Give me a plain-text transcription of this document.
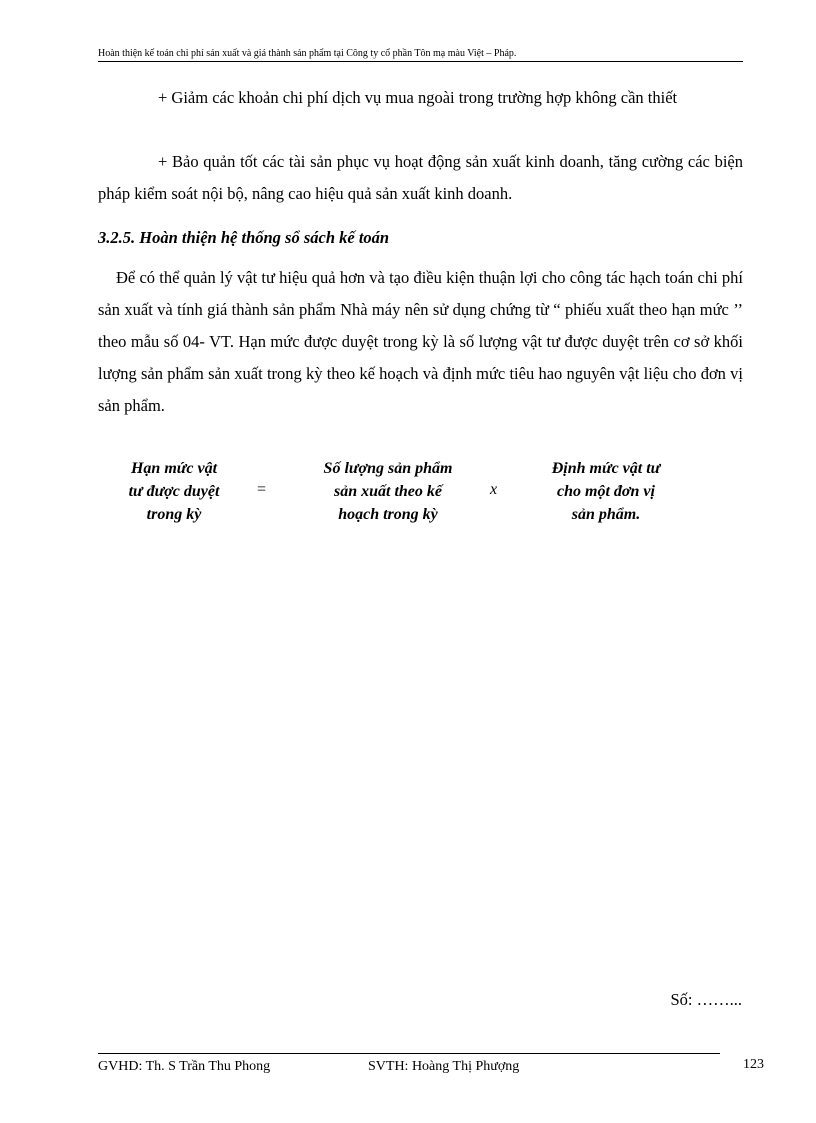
Hoàn thiện kế toán chi phí sản xuất và giá thành sản phẩm tại Công ty cổ phần Tôn mạ màu Việt – Pháp.
+ Giảm các khoản chi phí dịch vụ mua ngoài trong trường hợp không cần thiết
+ Bảo quản tốt các tài sản phục vụ hoạt động sản xuất kinh doanh, tăng cường các biện pháp kiểm soát nội bộ, nâng cao hiệu quả sản xuất kinh doanh.
3.2.5. Hoàn thiện hệ thống sổ sách kế toán
Để có thể quản lý vật tư hiệu quả hơn và tạo điều kiện thuận lợi cho công tác hạch toán chi phí sản xuất và tính giá thành sản phẩm Nhà máy nên sử dụng chứng từ “ phiếu xuất theo hạn mức ’’ theo mẫu số 04- VT. Hạn mức được duyệt trong kỳ là số lượng vật tư được duyệt trên cơ sở khối lượng sản phẩm sản xuất trong kỳ theo kế hoạch và định mức tiêu hao nguyên vật liệu cho đơn vị sản phẩm.
Hạn mức vật
tư được duyệt
trong kỳ
=
Số lượng sản phẩm
sản xuất theo kế
hoạch trong kỳ
x
Định mức vật tư
cho một đơn vị
sản phẩm.
Số: ……...
GVHD: Th. S Trần Thu Phong	SVTH: Hoàng Thị Phượng	123
